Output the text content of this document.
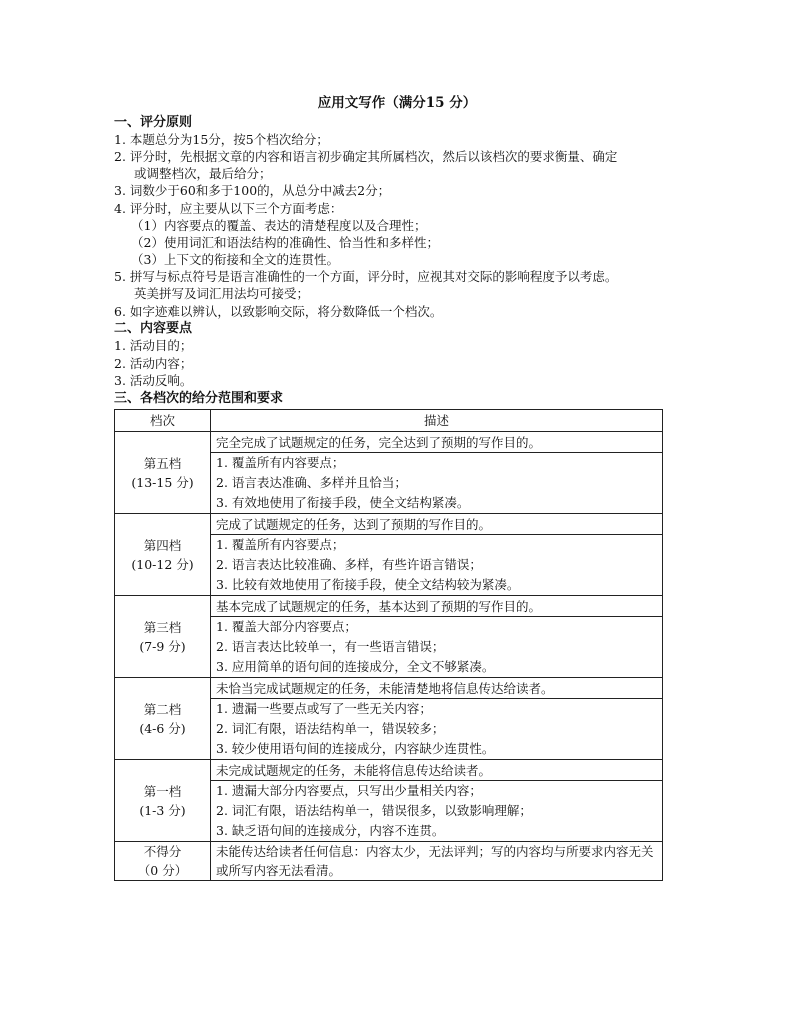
应用文写作（满分15 分）
一、评分原则
1. 本题总分为15分，按5个档次给分；
2. 评分时，先根据文章的内容和语言初步确定其所属档次，然后以该档次的要求衡量、确定
或调整档次，最后给分；
3. 词数少于60和多于100的，从总分中减去2分；
4. 评分时，应主要从以下三个方面考虑：
（1）内容要点的覆盖、表达的清楚程度以及合理性；
（2）使用词汇和语法结构的准确性、恰当性和多样性；
（3）上下文的衔接和全文的连贯性。
5. 拼写与标点符号是语言准确性的一个方面，评分时，应视其对交际的影响程度予以考虑。
英美拼写及词汇用法均可接受；
6. 如字迹难以辨认，以致影响交际，将分数降低一个档次。
二、内容要点
1. 活动目的；
2. 活动内容；
3. 活动反响。
三、各档次的给分范围和要求
档次	描述

第五档
(13-15 分)	完全完成了试题规定的任务，完全达到了预期的写作目的。

	1. 覆盖所有内容要点；
2. 语言表达准确、多样并且恰当；
3. 有效地使用了衔接手段，使全文结构紧凑。

第四档
(10-12 分)	完成了试题规定的任务，达到了预期的写作目的。

	1. 覆盖所有内容要点；
2. 语言表达比较准确、多样，有些许语言错误；
3. 比较有效地使用了衔接手段，使全文结构较为紧凑。

第三档
(7-9 分)	基本完成了试题规定的任务，基本达到了预期的写作目的。

	1. 覆盖大部分内容要点；
2. 语言表达比较单一，有一些语言错误；
3. 应用简单的语句间的连接成分，全文不够紧凑。

第二档
(4-6 分)	未恰当完成试题规定的任务，未能清楚地将信息传达给读者。

	1. 遗漏一些要点或写了一些无关内容；
2. 词汇有限，语法结构单一，错误较多；
3. 较少使用语句间的连接成分，内容缺少连贯性。

第一档
(1-3 分)	未完成试题规定的任务，未能将信息传达给读者。

	1. 遗漏大部分内容要点，只写出少量相关内容；
2. 词汇有限，语法结构单一，错误很多，以致影响理解；
3. 缺乏语句间的连接成分，内容不连贯。

不得分
（0 分）	未能传达给读者任何信息：内容太少，无法评判；写的内容均与所要求内容无关或所写内容无法看清。
